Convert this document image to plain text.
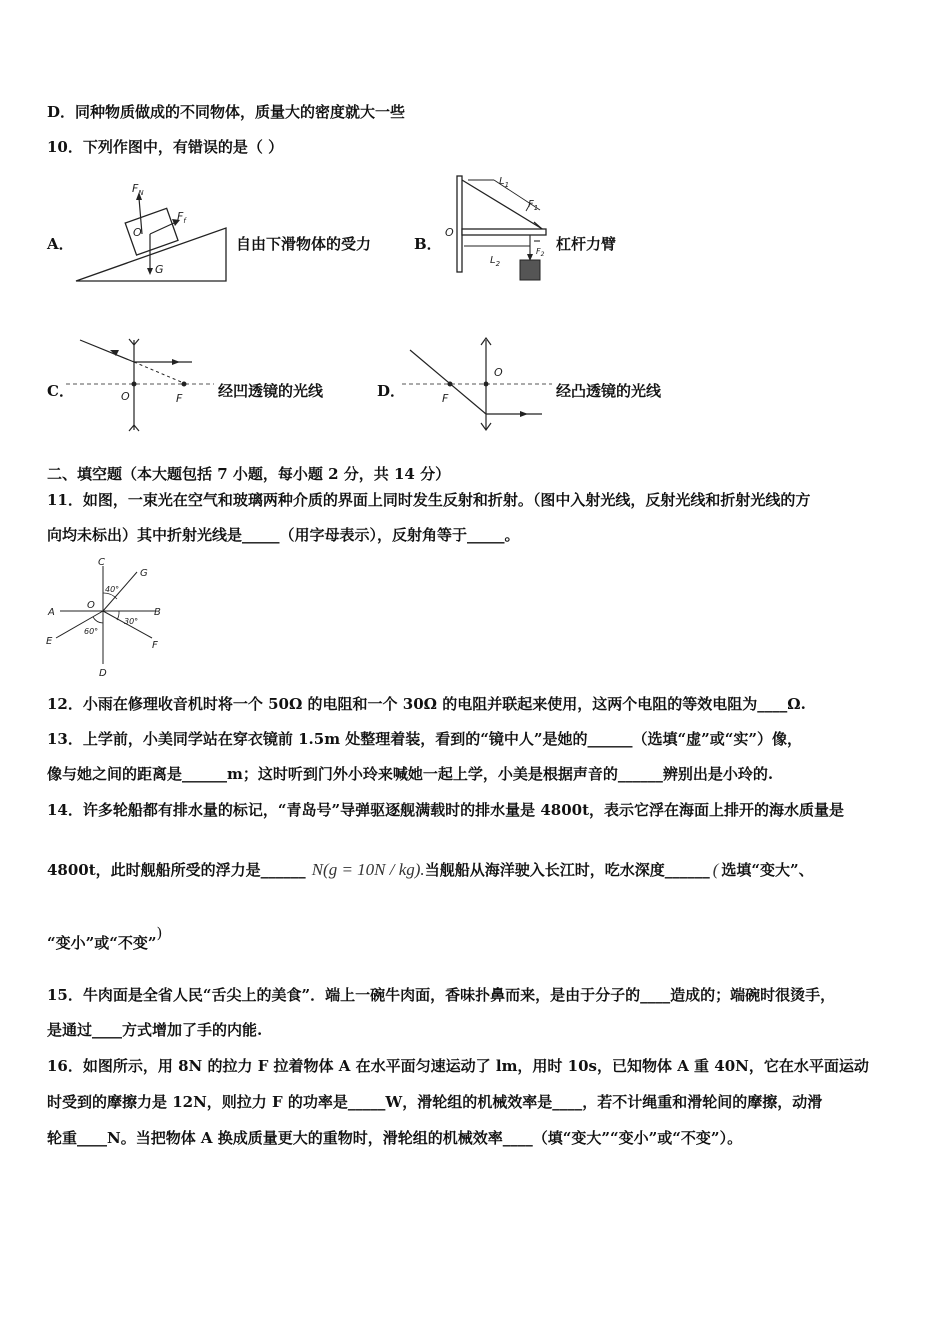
D．同种物质做成的不同物体，质量大的密度就大一些
10．下列作图中，有错误的是（ ）
A．
$F_N$
$F_f$
O
G
自由下滑物体的受力	B．
$L_1$
$F_1$
O
$L_2$
$F_2$
杠杆力臂
C．	O	F 经凹透镜的光线	D．
O
F	经凸透镜的光线
二、填空题（本大题包括 7 小题，每小题 2 分，共 14 分）
11．如图，一束光在空气和玻璃两种介质的界面上同时发生反射和折射。（图中入射光线，反射光线和折射光线的方
向均未标出）其中折射光线是_____（用字母表示），反射角等于_____。
C
G
A	B
O
E	F
D
40°
30°
60°
12．小雨在修理收音机时将一个 50Ω 的电阻和一个 30Ω 的电阻并联起来使用，这两个电阻的等效电阻为____Ω.
13．上学前，小美同学站在穿衣镜前 1.5m 处整理着装，看到的“镜中人”是她的______（选填“虚”或“实”）像，
像与她之间的距离是______m；这时听到门外小玲来喊她一起上学，小美是根据声音的______辨别出是小玲的.
14．许多轮船都有排水量的标记，“青岛号”导弹驱逐舰满载时的排水量是 4800t，表示它浮在海面上排开的海水质量是
4800t，此时舰船所受的浮力是______ N(g = 10N / kg).当舰船从海洋驶入长江时，吃水深度______ ( 选填“变大”、
“变小”或“不变”)
15．牛肉面是全省人民“舌尖上的美食”．端上一碗牛肉面，香味扑鼻而来，是由于分子的____造成的；端碗时很烫手，
是通过____方式增加了手的内能.
16．如图所示，用 8N 的拉力 F 拉着物体 A 在水平面匀速运动了 lm，用时 10s，已知物体 A 重 40N，它在水平面运动
时受到的摩擦力是 12N，则拉力 F 的功率是_____W，滑轮组的机械效率是____，若不计绳重和滑轮间的摩擦，动滑
轮重____N。当把物体 A 换成质量更大的重物时，滑轮组的机械效率____（填“变大”“变小”或“不变”）。
